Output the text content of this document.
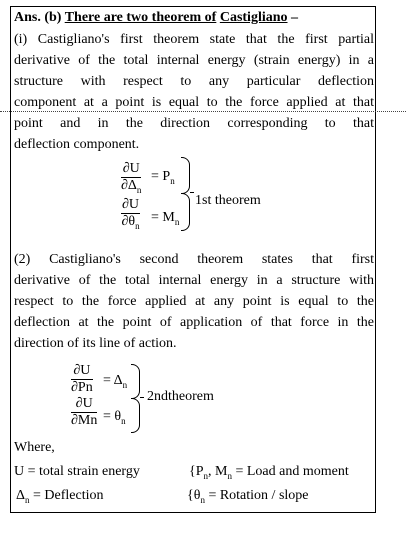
Ans. (b) There are two theorem of Castigliano –
(i) Castigliano's first theorem state that the first partial
derivative of the total internal energy (strain energy) in a
structure with respect to any particular deflection
component at a point is equal to the force applied at that
point and in the direction corresponding to that
deflection component.
$\frac{\partial U}{\partial\Delta_n} = P_n$
$\frac{\partial U}{\partial\theta_n} = M_n$
1st theorem
(2) Castigliano's second theorem states that first
derivative of the total internal energy in a structure with
respect to the force applied at any point is equal to the
deflection at the point of application of that force in the
direction of its line of action.
$\frac{\partial U}{\partial Pn} = \Delta_n$
$\frac{\partial U}{\partial Mn} = \theta_n$
2ndtheorem
Where,
U = total strain energy	{$P_n$, $M_n$ = Load and moment
$\Delta_n$ = Deflection	{$\theta_n$ = Rotation / slope
